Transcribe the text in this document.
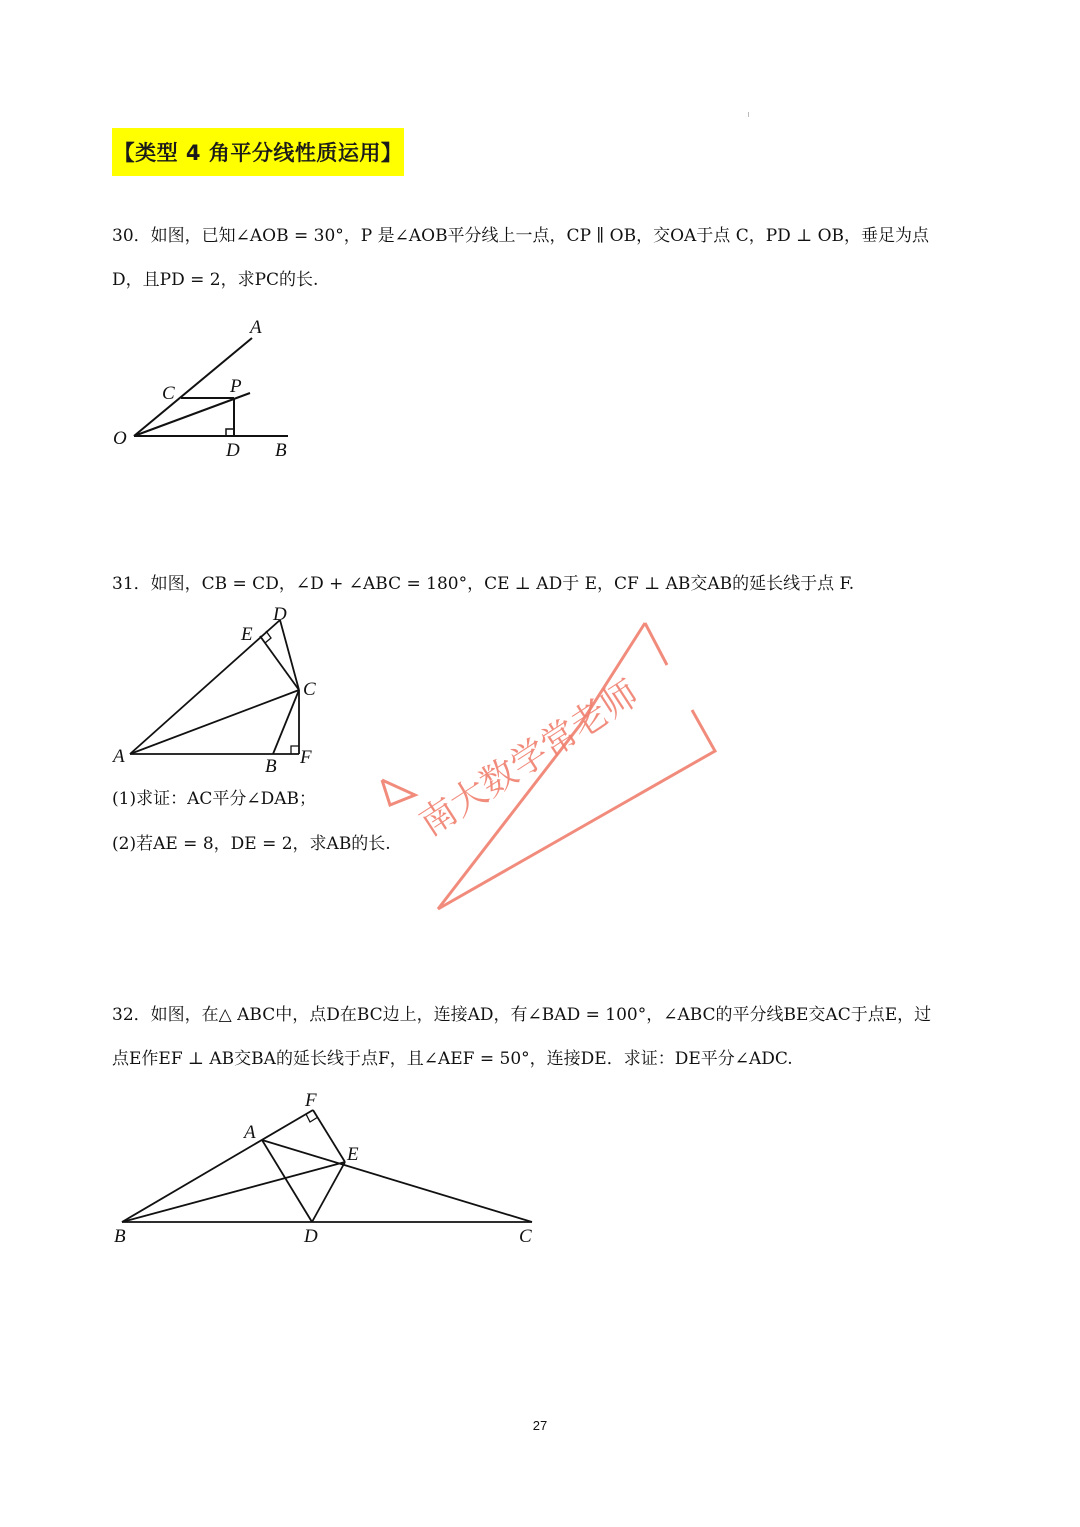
【类型 4 角平分线性质运用】
30．如图，已知∠AOB = 30°，P 是∠AOB平分线上一点，CP ∥ OB，交OA于点 C，PD ⊥ OB，垂足为点
D，且PD = 2，求PC的长.
A
C	P
O
D B
31．如图，CB = CD，∠D + ∠ABC = 180°，CE ⊥ AD于 E，CF ⊥ AB交AB的延长线于点 F.
D
E
C
A	B F
(1)求证：AC平分∠DAB；
(2)若AE = 8，DE = 2，求AB的长. 南大数学常老师
32．如图，在△ ABC中，点D在BC边上，连接AD，有∠BAD = 100°，∠ABC的平分线BE交AC于点E，过
点E作EF ⊥ AB交BA的延长线于点F，且∠AEF = 50°，连接DE．求证：DE平分∠ADC.
F
A
E
B	D	C
27
